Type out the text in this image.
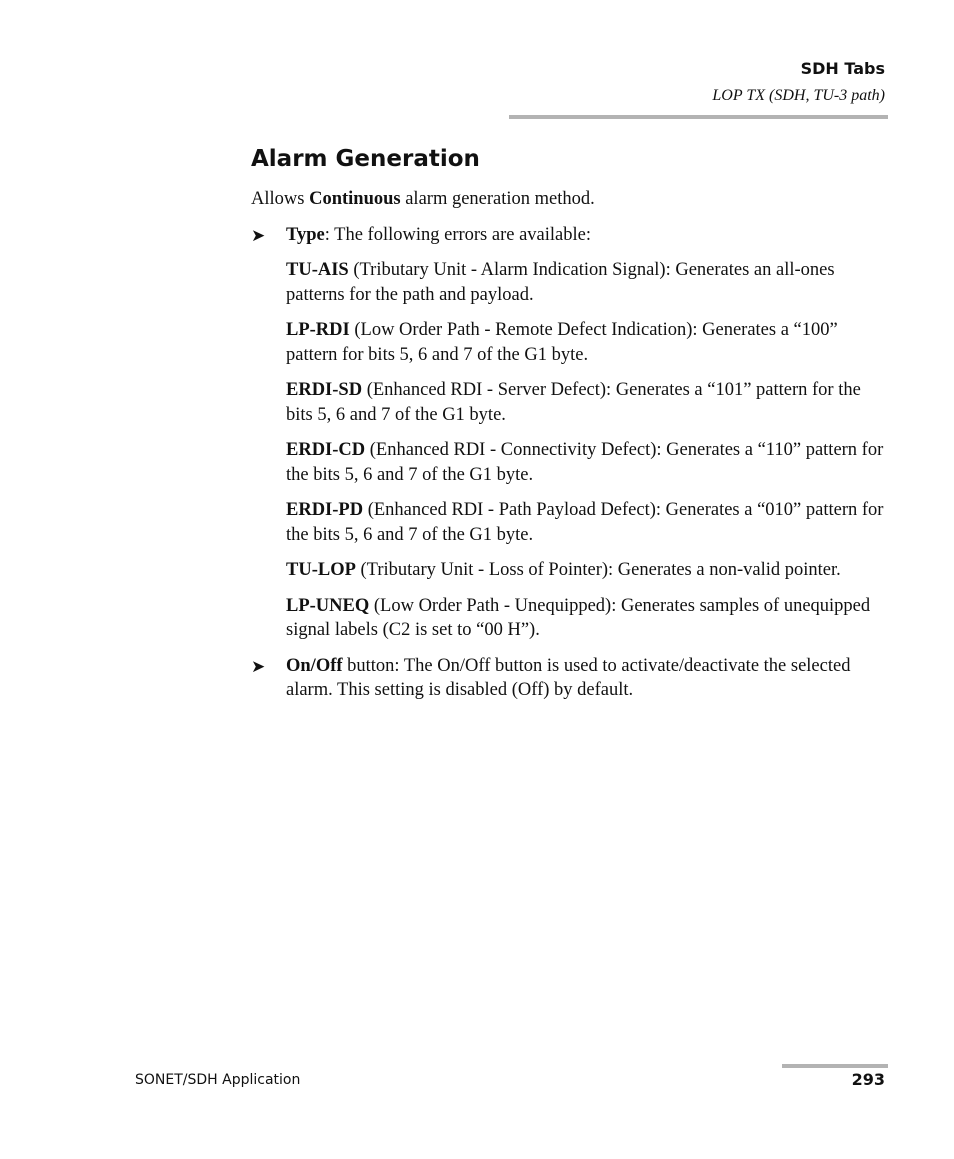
SDH Tabs
LOP TX (SDH, TU-3 path)
Alarm Generation

Allows Continuous alarm generation method.

➤ Type: The following errors are available:

TU-AIS (Tributary Unit - Alarm Indication Signal): Generates an all-ones patterns for the path and payload.

LP-RDI (Low Order Path - Remote Defect Indication): Generates a “100” pattern for bits 5, 6 and 7 of the G1 byte.

ERDI-SD (Enhanced RDI - Server Defect): Generates a “101” pattern for the bits 5, 6 and 7 of the G1 byte.

ERDI-CD (Enhanced RDI - Connectivity Defect): Generates a “110” pattern for the bits 5, 6 and 7 of the G1 byte.

ERDI-PD (Enhanced RDI - Path Payload Defect): Generates a “010” pattern for the bits 5, 6 and 7 of the G1 byte.

TU-LOP (Tributary Unit - Loss of Pointer): Generates a non-valid pointer.

LP-UNEQ (Low Order Path - Unequipped): Generates samples of unequipped signal labels (C2 is set to “00 H”).

➤ On/Off button: The On/Off button is used to activate/deactivate the selected alarm. This setting is disabled (Off) by default.

SONET/SDH Application	293
